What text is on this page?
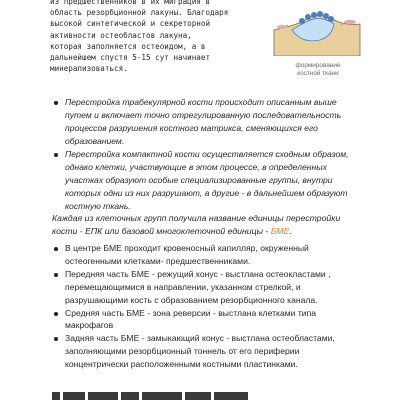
из предшественников в их миграция в
область резорбционной лакуны. Благодаря
высокой синтетической и секреторной
активности остеобластов лакуна,
которая заполняется остеоидом, а в
дальнейшем спустя 5-15 сут начинает
минерализоваться.	формирование
костной ткани
Перестройка трабекулярной кости происходит описанным выше путем и включает точно отрегулированную последовательность процессов разрушения костного матрикса, сменяющихся его образованием.
Перестройка компактной кости осуществляется сходным образом, однако клетки, участвующие в этом процессе, в определенных участках образуют особые специализированные группы, внутри которых одни из них разрушают, а другие - в дальнейшем образуют костную ткань.
Каждая из клеточных групп получила название единицы перестройки кости - ЕПК или базовой многоклеточной единицы - БМЕ.
В центре БМЕ проходит кровеносный капилляр, окруженный остеогенными клетками- предшественниками.
Передняя часть БМЕ - режущий конус - выстлана остеокластами , перемещающимися в направлении, указанном стрелкой, и разрушающими кость с образованием резорбционного канала.
Средняя часть БМЕ - зона реверсии - выстлана клетками типа макрофагов
Задняя часть БМЕ - замыкающий конус - выстлана остеобластами, заполняющими резорбционный тоннель от его периферии концентрически расположенными костными пластинками.
